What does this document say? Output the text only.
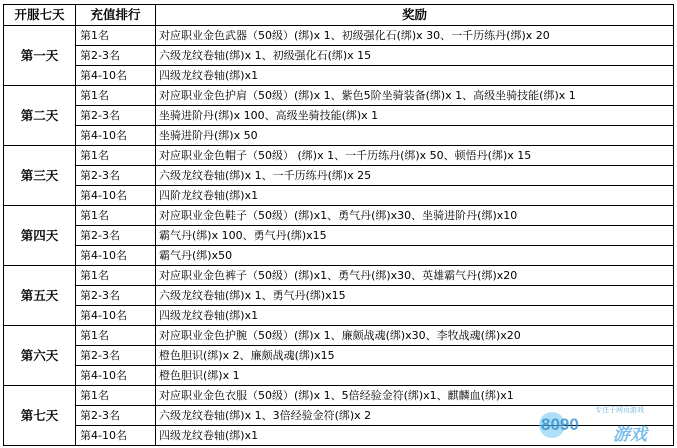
开服七天	充值排行	奖励
第一天	第1名	对应职业金色武器（50级）(绑)x 1、初级强化石(绑)x 30、一千历练丹(绑)x 20
	第2-3名	六级龙纹卷轴(绑)x 1、初级强化石(绑)x 15
	第4-10名	四级龙纹卷轴(绑)x1
第二天	第1名	对应职业金色护肩（50级）(绑)x 1、紫色5阶坐骑装备(绑)x 1、高级坐骑技能(绑)x 1
	第2-3名	坐骑进阶丹(绑)x 100、高级坐骑技能(绑)x 1
	第4-10名	坐骑进阶丹(绑)x 50
第三天	第1名	对应职业金色帽子（50级） (绑)x 1、一千历练丹(绑)x 50、顿悟丹(绑)x 15
	第2-3名	六级龙纹卷轴(绑)x 1、一千历练丹(绑)x 25
	第4-10名	四阶龙纹卷轴(绑)x1
第四天	第1名	对应职业金色鞋子（50级）(绑)x1、勇气丹(绑)x30、坐骑进阶丹(绑)x10
	第2-3名	霸气丹(绑)x 100、勇气丹(绑)x15
	第4-10名	霸气丹(绑)x50
第五天	第1名	对应职业金色裤子（50级）(绑)x1、勇气丹(绑)x30、英雄霸气丹(绑)x20
	第2-3名	六级龙纹卷轴(绑)x 1、勇气丹(绑)x15
	第4-10名	四级龙纹卷轴(绑)x1
第六天	第1名	对应职业金色护腕（50级）(绑)x 1、廉颇战魂(绑)x30、李牧战魂(绑)x20
	第2-3名	橙色胆识(绑)x 2、廉颇战魂(绑)x15
	第4-10名	橙色胆识(绑)x 1
第七天	第1名	对应职业金色衣服（50级）(绑)x 1、5倍经验金符(绑)x1、麒麟血(绑)x1
	第2-3名	六级龙纹卷轴(绑)x 1、3倍经验金符(绑)x 2
	第4-10名	四级龙纹卷轴(绑)x1
8090
专注于网页游戏
游戏
